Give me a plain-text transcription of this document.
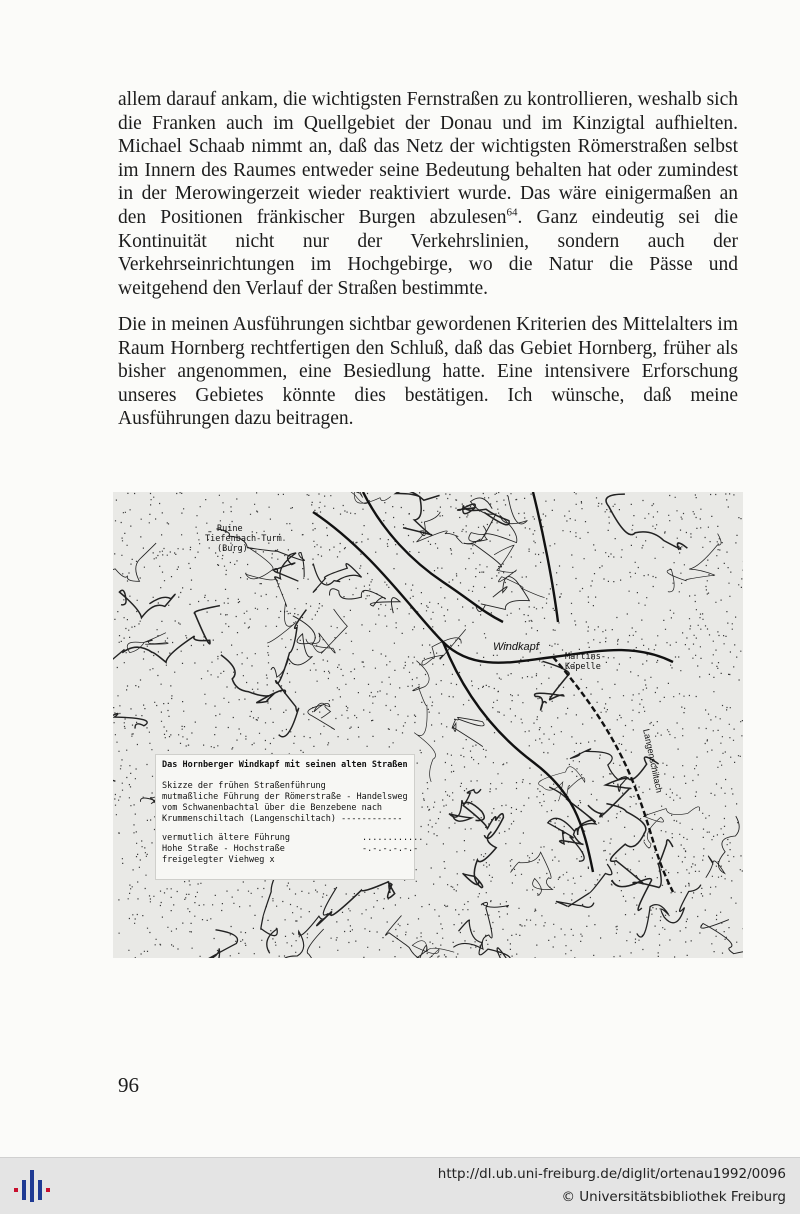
allem darauf ankam, die wichtigsten Fernstraßen zu kontrollieren, weshalb sich die Franken auch im Quellgebiet der Donau und im Kinzigtal aufhielten. Michael Schaab nimmt an, daß das Netz der wichtigsten Römerstraßen selbst im Innern des Raumes entweder seine Bedeutung behalten hat oder zumindest in der Merowingerzeit wieder reaktiviert wurde. Das wäre einigermaßen an den Positionen fränkischer Burgen abzulesen$^{64}$. Ganz eindeutig sei die Kontinuität nicht nur der Verkehrslinien, sondern auch der Verkehrseinrichtungen im Hochgebirge, wo die Natur die Pässe und weitgehend den Verlauf der Straßen bestimmte.

Die in meinen Ausführungen sichtbar gewordenen Kriterien des Mittelalters im Raum Hornberg rechtfertigen den Schluß, daß das Gebiet Hornberg, früher als bisher angenommen, eine Besiedlung hatte. Eine intensivere Erforschung unseres Gebietes könnte dies bestätigen. Ich wünsche, daß meine Ausführungen dazu beitragen.

Ruine
Tiefenbach-Turm
(Burg)
Windkapf
Martins-
Kapelle
Langenschiltach
Das Hornberger Windkapf mit seinen alten Straßen
Skizze der frühen Straßenführung
mutmaßliche Führung der Römerstraße - Handelsweg
vom Schwanenbachtal über die Benzebene nach
Krummenschiltach (Langenschiltach) ------------
vermutlich ältere Führung	............
Hohe Straße - Hochstraße	-.-.-.-.-.-
freigelegter Viehweg x
96
http://dl.ub.uni-freiburg.de/diglit/ortenau1992/0096
© Universitätsbibliothek Freiburg
